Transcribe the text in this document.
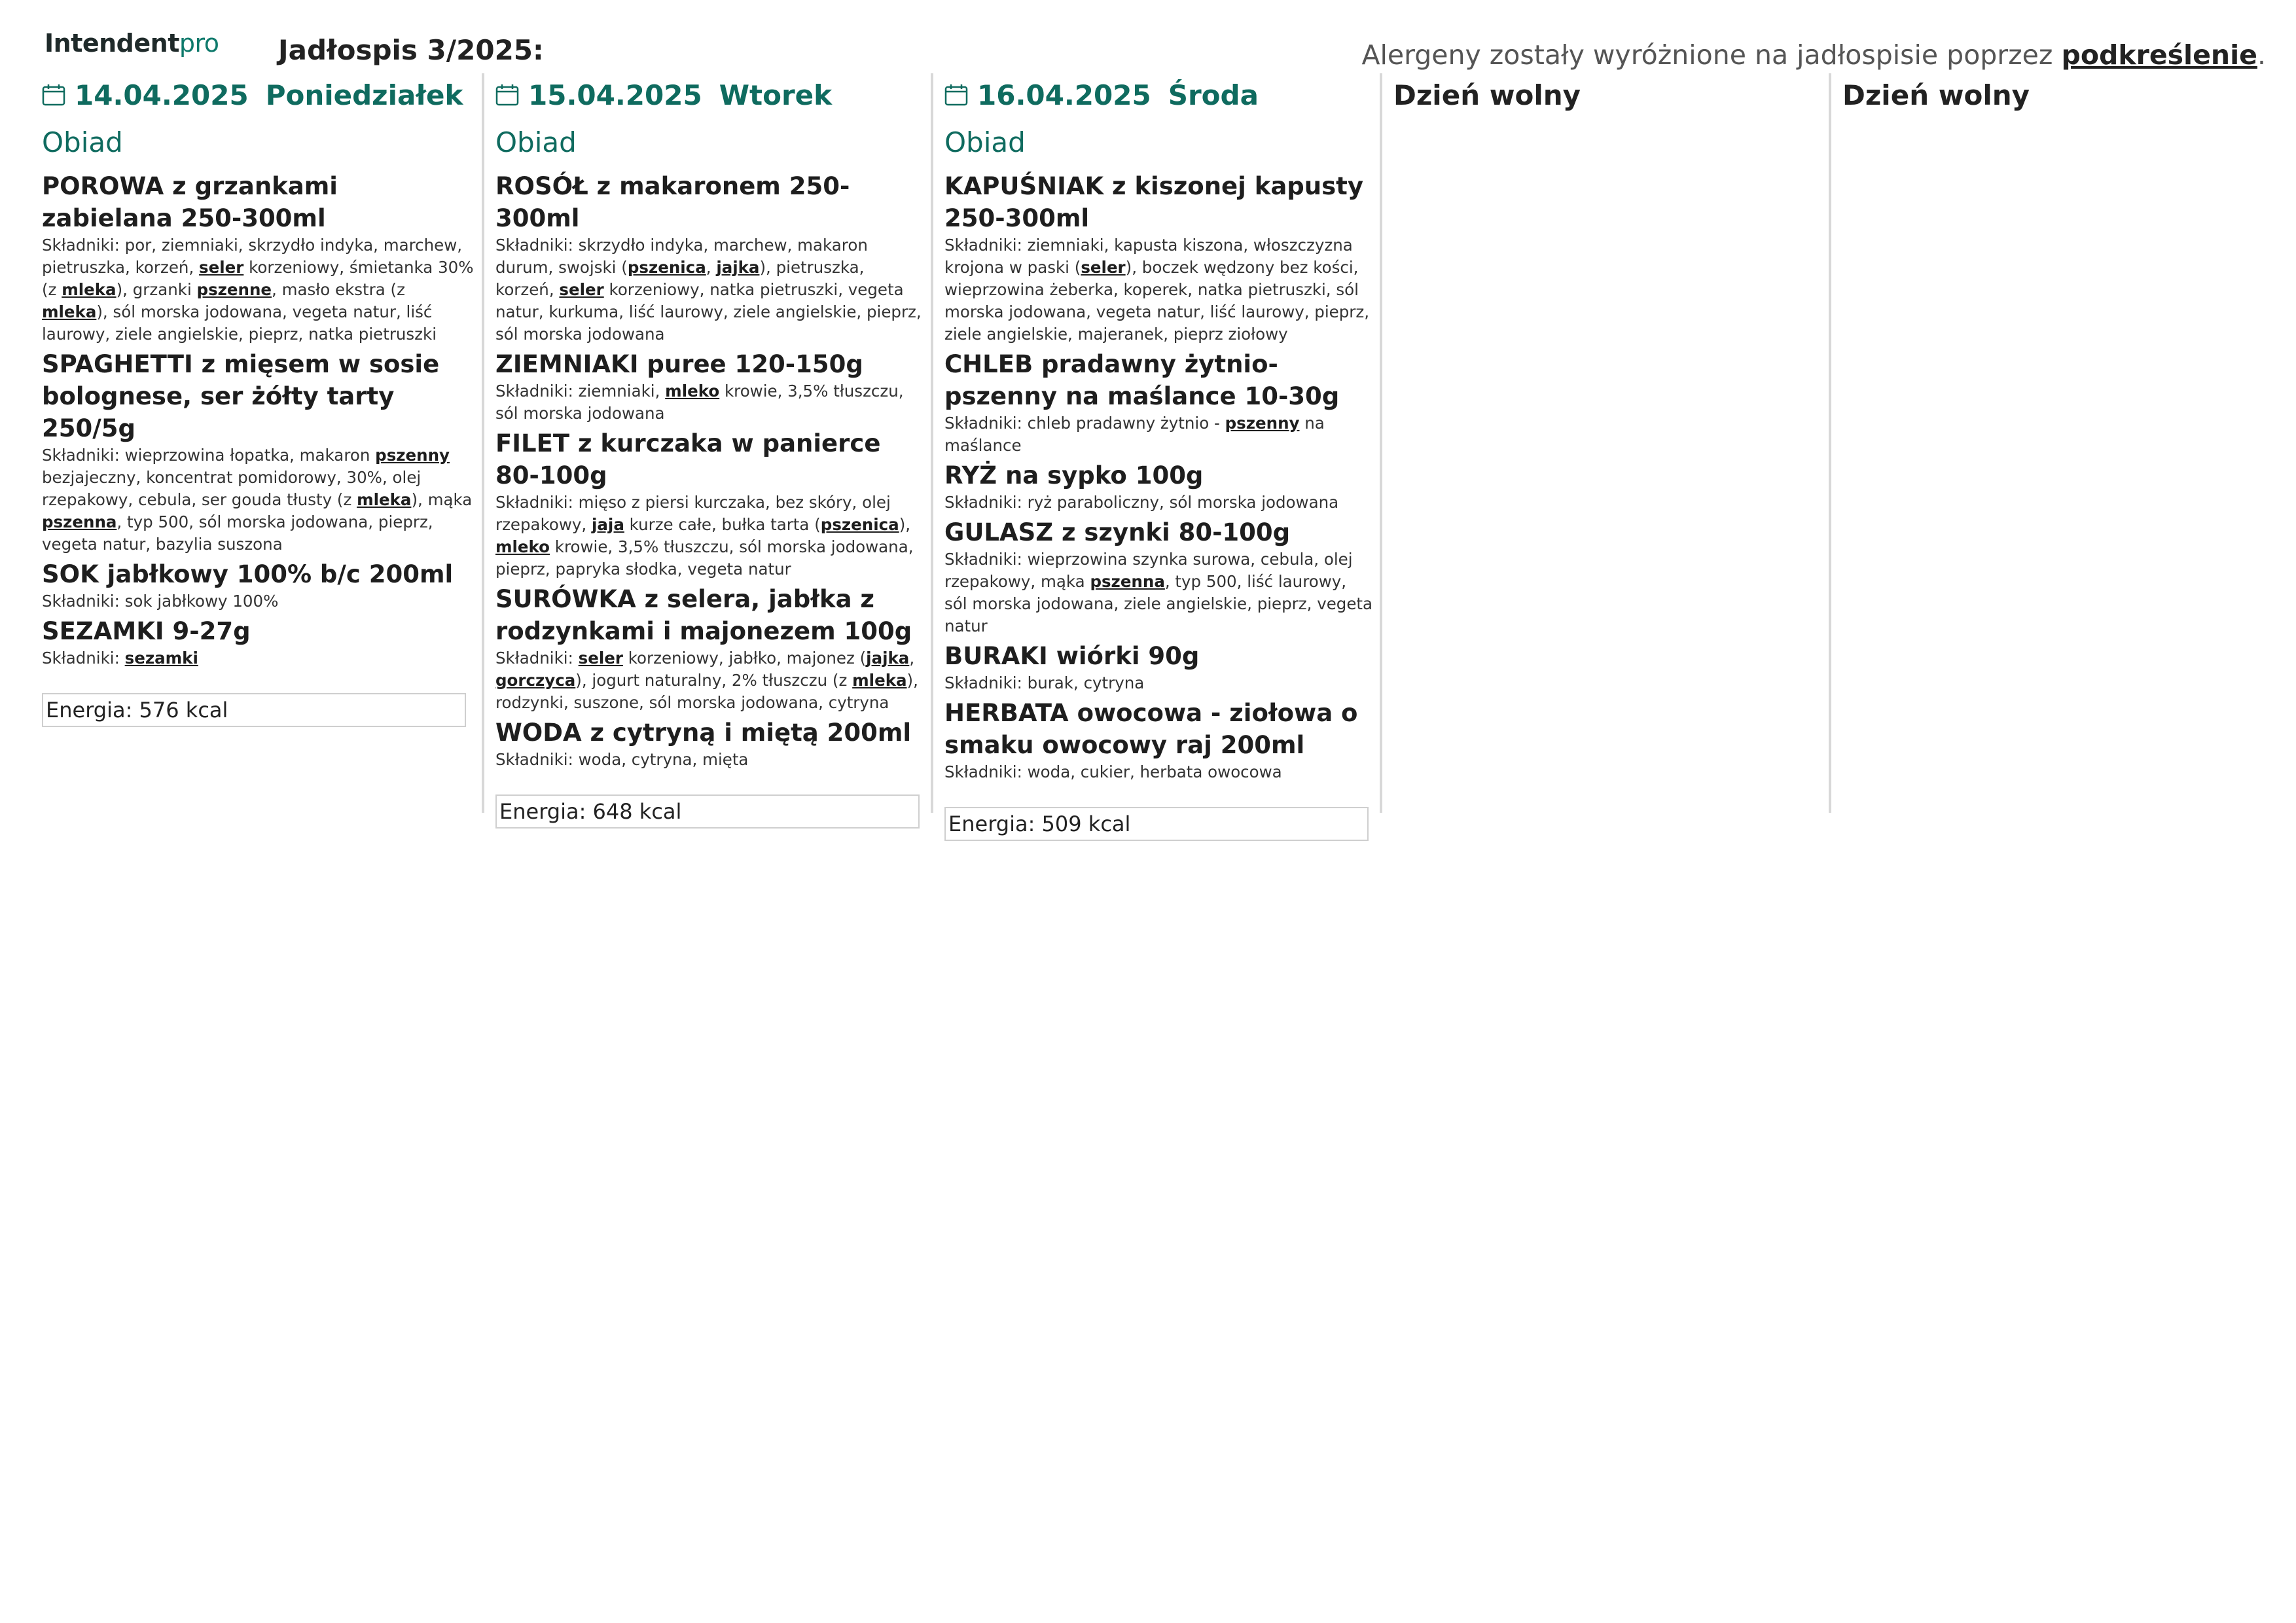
Intendentpro Jadłospis 3/2025:	Alergeny zostały wyróżnione na jadłospisie poprzez podkreślenie.
14.04.2025 Poniedziałek
Obiad
POROWA z grzankami zabielana 250-300ml
Składniki: por, ziemniaki, skrzydło indyka, marchew, pietruszka, korzeń, seler korzeniowy, śmietanka 30% (z mleka), grzanki pszenne, masło ekstra (z mleka), sól morska jodowana, vegeta natur, liść laurowy, ziele angielskie, pieprz, natka pietruszki
SPAGHETTI z mięsem w sosie bolognese, ser żółty tarty 250/5g
Składniki: wieprzowina łopatka, makaron pszenny bezjajeczny, koncentrat pomidorowy, 30%, olej rzepakowy, cebula, ser gouda tłusty (z mleka), mąka pszenna, typ 500, sól morska jodowana, pieprz, vegeta natur, bazylia suszona
SOK jabłkowy 100% b/c 200ml
Składniki: sok jabłkowy 100%
SEZAMKI 9-27g
Składniki: sezamki
Energia: 576 kcal
15.04.2025 Wtorek
Obiad
ROSÓŁ z makaronem 250-300ml
Składniki: skrzydło indyka, marchew, makaron durum, swojski (pszenica, jajka), pietruszka, korzeń, seler korzeniowy, natka pietruszki, vegeta natur, kurkuma, liść laurowy, ziele angielskie, pieprz, sól morska jodowana
ZIEMNIAKI puree 120-150g
Składniki: ziemniaki, mleko krowie, 3,5% tłuszczu, sól morska jodowana
FILET z kurczaka w panierce 80-100g
Składniki: mięso z piersi kurczaka, bez skóry, olej rzepakowy, jaja kurze całe, bułka tarta (pszenica), mleko krowie, 3,5% tłuszczu, sól morska jodowana, pieprz, papryka słodka, vegeta natur
SURÓWKA z selera, jabłka z rodzynkami i majonezem 100g
Składniki: seler korzeniowy, jabłko, majonez (jajka, gorczyca), jogurt naturalny, 2% tłuszczu (z mleka), rodzynki, suszone, sól morska jodowana, cytryna
WODA z cytryną i miętą 200ml
Składniki: woda, cytryna, mięta
Energia: 648 kcal
16.04.2025 Środa
Obiad
KAPUŚNIAK z kiszonej kapusty 250-300ml
Składniki: ziemniaki, kapusta kiszona, włoszczyzna krojona w paski (seler), boczek wędzony bez kości, wieprzowina żeberka, koperek, natka pietruszki, sól morska jodowana, vegeta natur, liść laurowy, pieprz, ziele angielskie, majeranek, pieprz ziołowy
CHLEB pradawny żytnio- pszenny na maślance 10-30g
Składniki: chleb pradawny żytnio - pszenny na maślance
RYŻ na sypko 100g
Składniki: ryż paraboliczny, sól morska jodowana
GULASZ z szynki 80-100g
Składniki: wieprzowina szynka surowa, cebula, olej rzepakowy, mąka pszenna, typ 500, liść laurowy, sól morska jodowana, ziele angielskie, pieprz, vegeta natur
BURAKI wiórki 90g
Składniki: burak, cytryna
HERBATA owocowa - ziołowa o smaku owocowy raj 200ml
Składniki: woda, cukier, herbata owocowa
Energia: 509 kcal
Dzień wolny	Dzień wolny
